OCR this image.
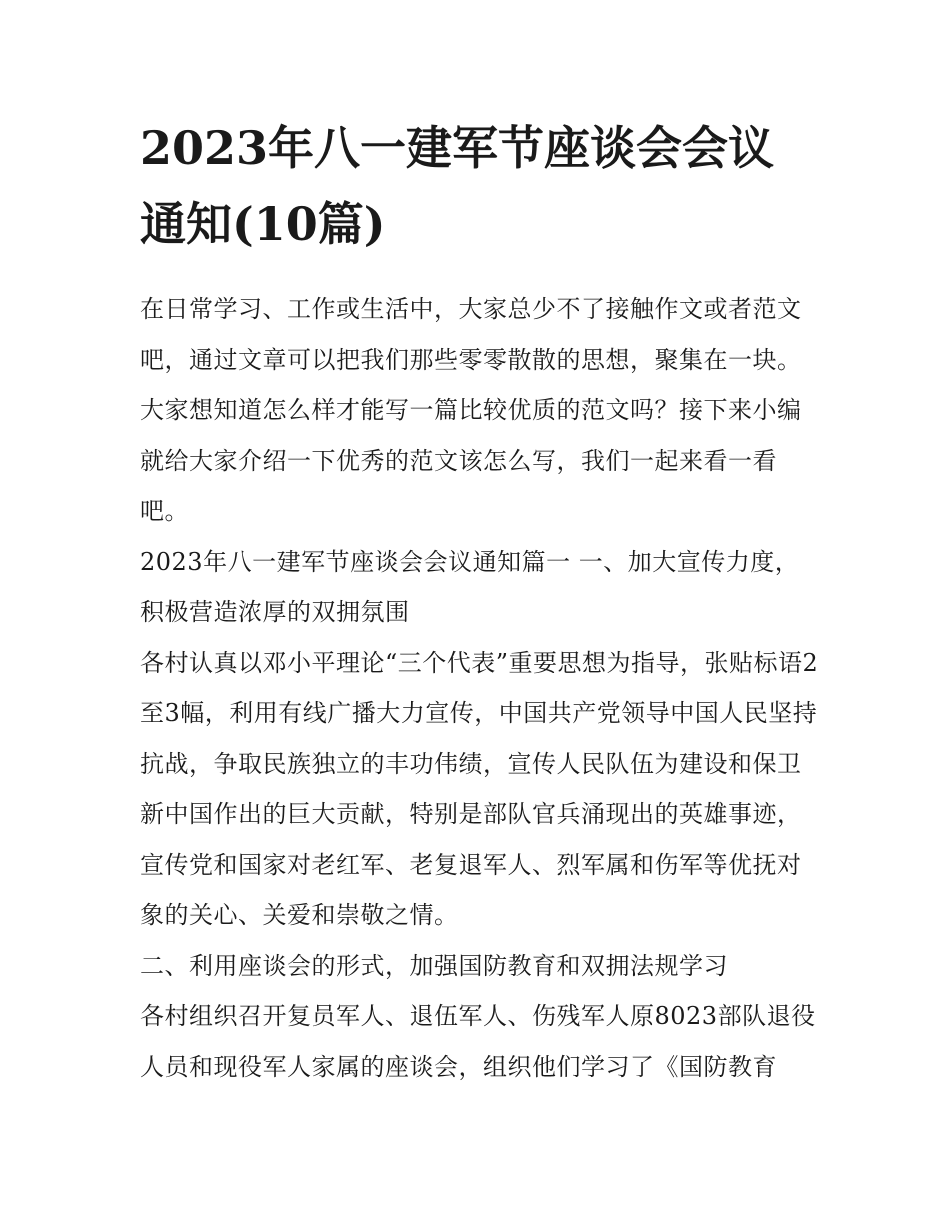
2023年八一建军节座谈会会议通知(10篇)

在日常学习、工作或生活中，大家总少不了接触作文或者范文吧，通过文章可以把我们那些零零散散的思想，聚集在一块。大家想知道怎么样才能写一篇比较优质的范文吗？接下来小编就给大家介绍一下优秀的范文该怎么写，我们一起来看一看吧。

2023年八一建军节座谈会会议通知篇一 一、加大宣传力度，积极营造浓厚的双拥氛围

各村认真以邓小平理论“三个代表”重要思想为指导，张贴标语2至3幅，利用有线广播大力宣传，中国共产党领导中国人民坚持抗战，争取民族独立的丰功伟绩，宣传人民队伍为建设和保卫新中国作出的巨大贡献，特别是部队官兵涌现出的英雄事迹，宣传党和国家对老红军、老复退军人、烈军属和伤军等优抚对象的关心、关爱和崇敬之情。

二、利用座谈会的形式，加强国防教育和双拥法规学习

各村组织召开复员军人、退伍军人、伤残军人原8023部队退役人员和现役军人家属的座谈会，组织他们学习了《国防教育
